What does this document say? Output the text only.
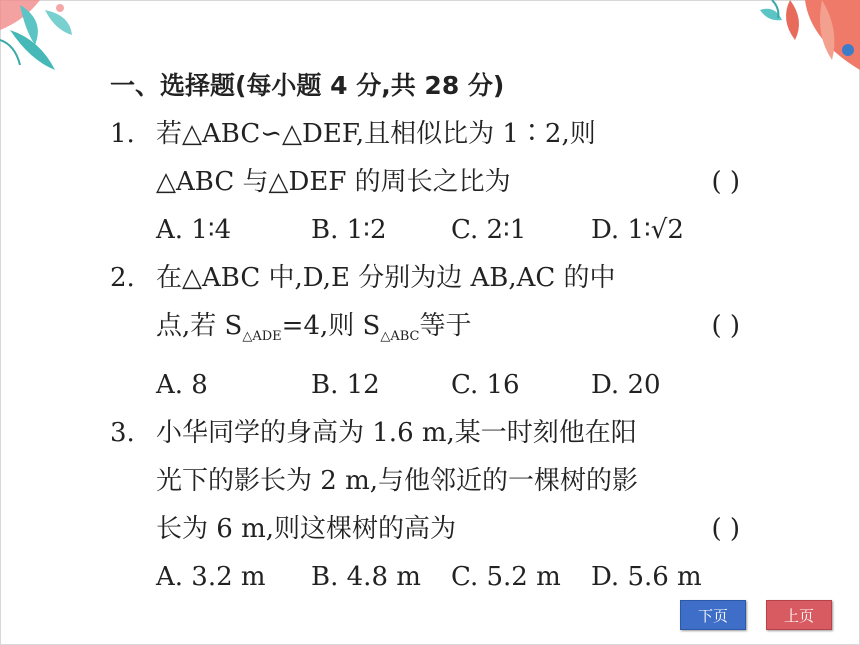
一、选择题(每小题 4 分,共 28 分)
1. 若△ABC∽△DEF,且相似比为 1∶2,则
△ABC 与△DEF 的周长之比为	( )
A. 1∶4	B. 1∶2	C. 2∶1	D. 1∶√2
2. 在△ABC 中,D,E 分别为边 AB,AC 的中
点,若 $S_{\triangle ADE}=4$,则 $S_{\triangle ABC}$等于	( )
A. 8	B. 12	C. 16	D. 20
3. 小华同学的身高为 1.6 m,某一时刻他在阳
光下的影长为 2 m,与他邻近的一棵树的影
长为 6 m,则这棵树的高为	( )
A. 3.2 m	B. 4.8 m	C. 5.2 m	D. 5.6 m
下页	上页
